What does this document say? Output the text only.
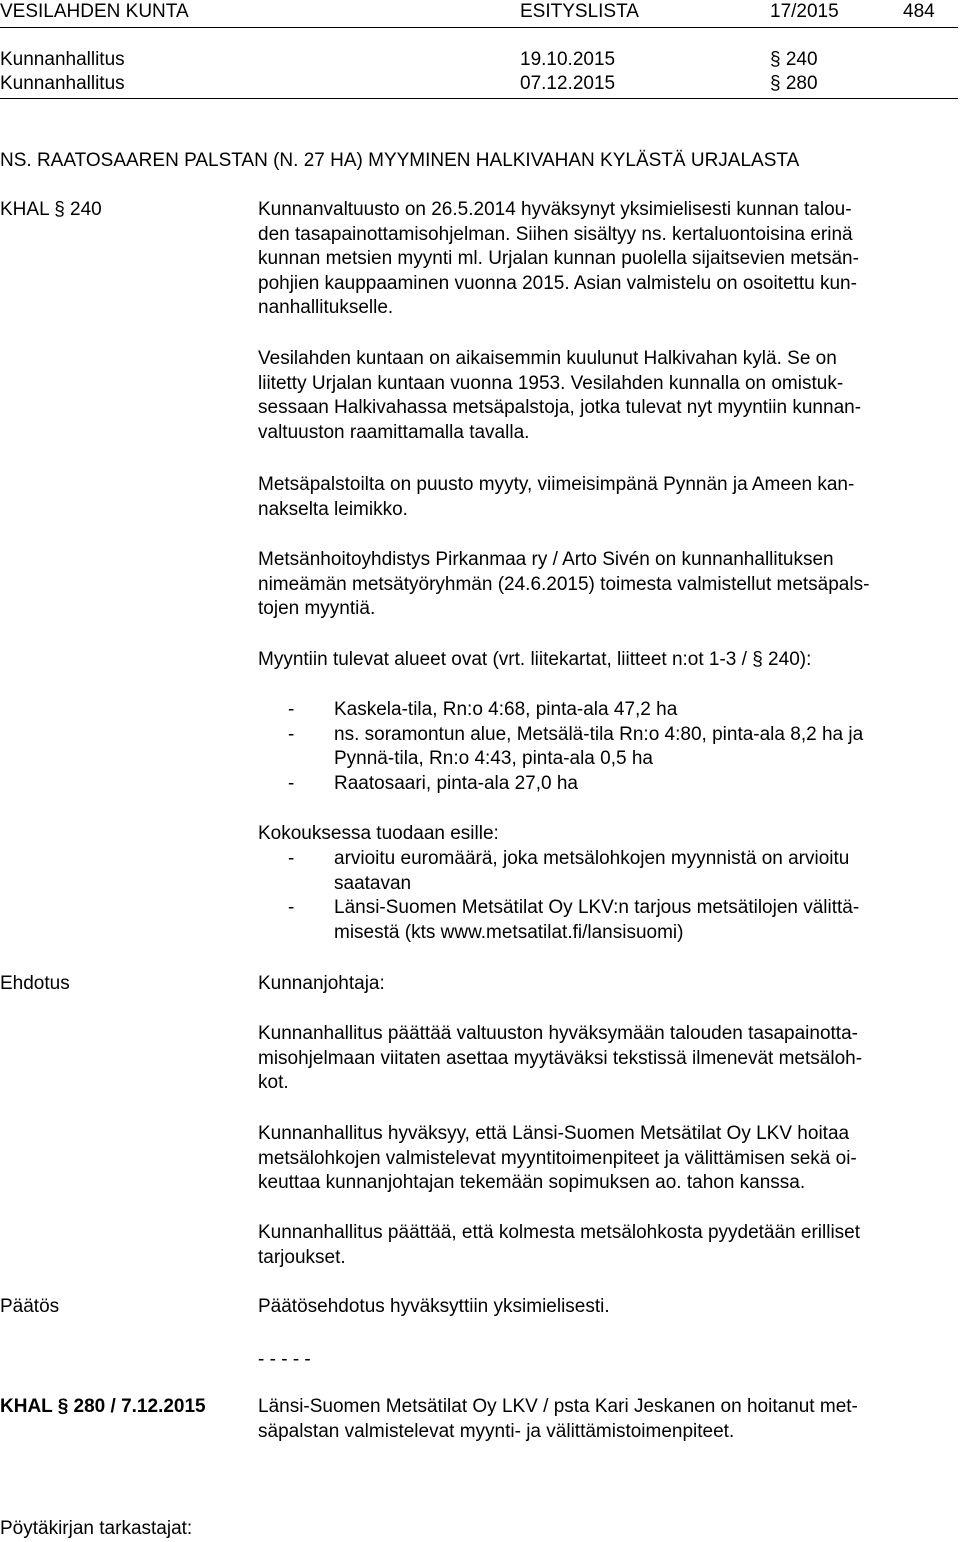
VESILAHDEN KUNTA	ESITYSLISTA	17/2015	484
Kunnanhallitus	19.10.2015	§ 240
Kunnanhallitus	07.12.2015	§ 280
NS. RAATOSAAREN PALSTAN (N. 27 HA) MYYMINEN HALKIVAHAN KYLÄSTÄ URJALASTA
KHAL § 240	Kunnanvaltuusto on 26.5.2014 hyväksynyt yksimielisesti kunnan talou-
den tasapainottamisohjelman. Siihen sisältyy ns. kertaluontoisina erinä
kunnan metsien myynti ml. Urjalan kunnan puolella sijaitsevien metsän-
pohjien kauppaaminen vuonna 2015. Asian valmistelu on osoitettu kun-
nanhallitukselle.
Vesilahden kuntaan on aikaisemmin kuulunut Halkivahan kylä. Se on
liitetty Urjalan kuntaan vuonna 1953. Vesilahden kunnalla on omistuk-
sessaan Halkivahassa metsäpalstoja, jotka tulevat nyt myyntiin kunnan-
valtuuston raamittamalla tavalla.
Metsäpalstoilta on puusto myyty, viimeisimpänä Pynnän ja Ameen kan-
nakselta leimikko.
Metsänhoitoyhdistys Pirkanmaa ry / Arto Sivén on kunnanhallituksen
nimeämän metsätyöryhmän (24.6.2015) toimesta valmistellut metsäpals-
tojen myyntiä.
Myyntiin tulevat alueet ovat (vrt. liitekartat, liitteet n:ot 1-3 / § 240):
- Kaskela-tila, Rn:o 4:68, pinta-ala 47,2 ha
- ns. soramontun alue, Metsälä-tila Rn:o 4:80, pinta-ala 8,2 ha ja
Pynnä-tila, Rn:o 4:43, pinta-ala 0,5 ha
- Raatosaari, pinta-ala 27,0 ha
Kokouksessa tuodaan esille:
- arvioitu euromäärä, joka metsälohkojen myynnistä on arvioitu
saatavan
- Länsi-Suomen Metsätilat Oy LKV:n tarjous metsätilojen välittä-
misestä (kts www.metsatilat.fi/lansisuomi)
Ehdotus	Kunnanjohtaja:
Kunnanhallitus päättää valtuuston hyväksymään talouden tasapainotta-
misohjelmaan viitaten asettaa myytäväksi tekstissä ilmenevät metsäloh-
kot.
Kunnanhallitus hyväksyy, että Länsi-Suomen Metsätilat Oy LKV hoitaa
metsälohkojen valmistelevat myyntitoimenpiteet ja välittämisen sekä oi-
keuttaa kunnanjohtajan tekemään sopimuksen ao. tahon kanssa.
Kunnanhallitus päättää, että kolmesta metsälohkosta pyydetään erilliset
tarjoukset.
Päätös	Päätösehdotus hyväksyttiin yksimielisesti.
- - - - -
KHAL § 280 / 7.12.2015	Länsi-Suomen Metsätilat Oy LKV / psta Kari Jeskanen on hoitanut met-
säpalstan valmistelevat myynti- ja välittämistoimenpiteet.
Pöytäkirjan tarkastajat:
